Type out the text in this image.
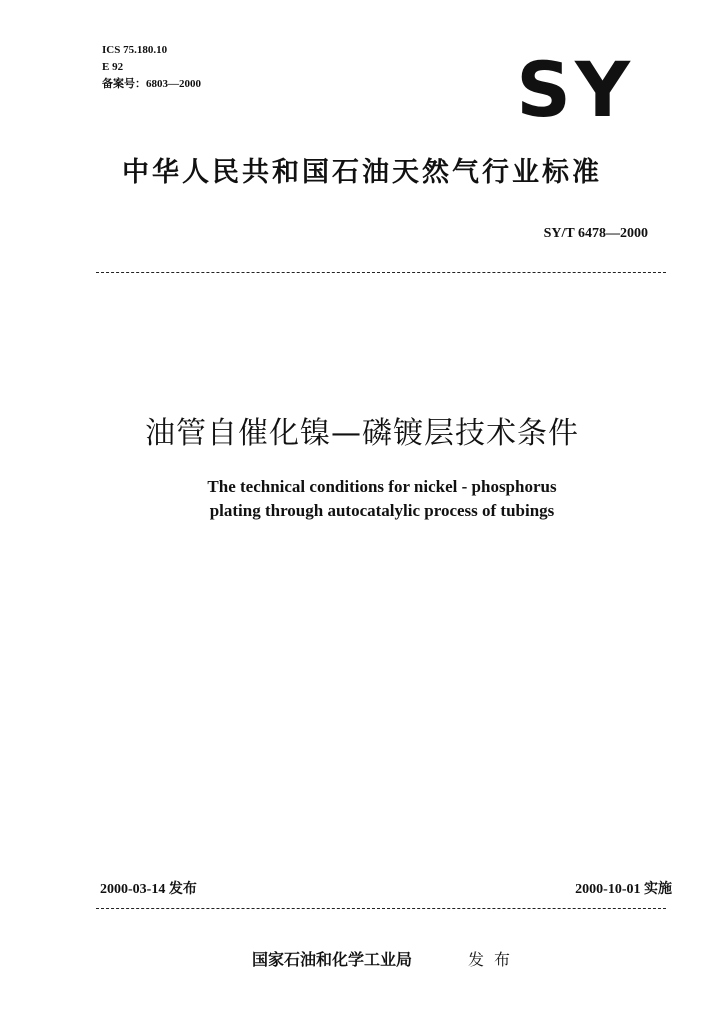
ICS 75.180.10
E 92
备案号：6803—2000	SY
中华人民共和国石油天然气行业标准
SY/T 6478—2000
油管自催化镍—磷镀层技术条件
The technical conditions for nickel - phosphorus
plating through autocatalylic process of tubings
2000-03-14 发布	2000-10-01 实施
国家石油和化学工业局	发布
